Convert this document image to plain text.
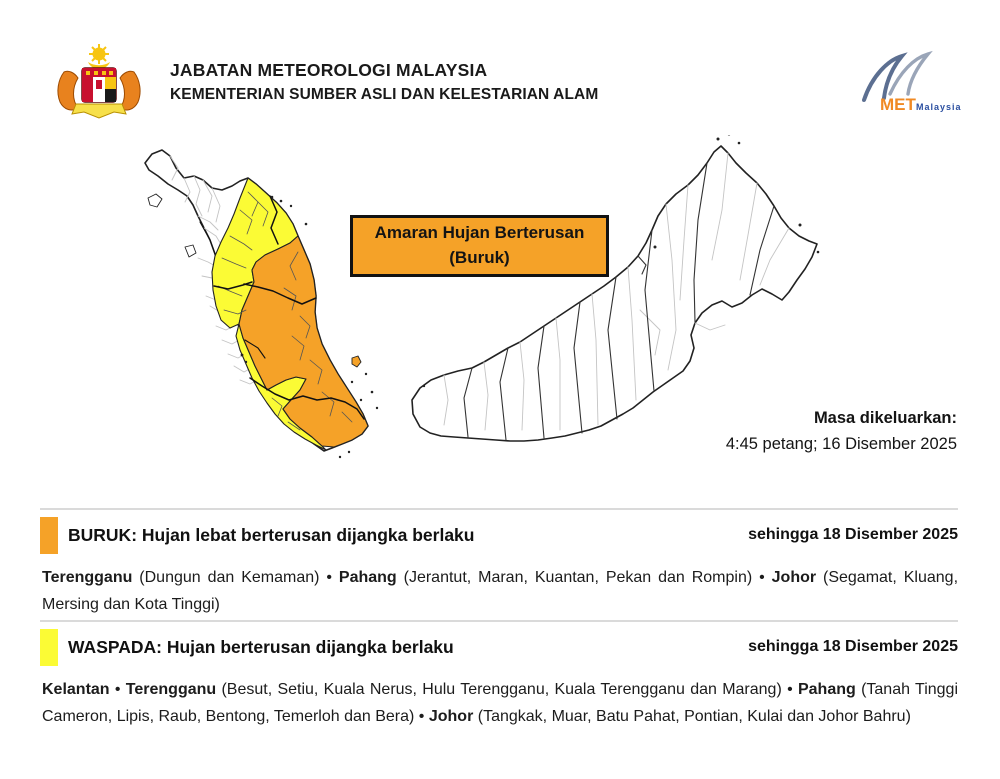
JABATAN METEOROLOGI MALAYSIA
KEMENTERIAN SUMBER ASLI DAN KELESTARIAN ALAM
MET Malaysia
Amaran Hujan Berterusan
(Buruk)
Masa dikeluarkan:
4:45 petang; 16 Disember 2025
BURUK: Hujan lebat berterusan dijangka berlaku	sehingga 18 Disember 2025

Terengganu (Dungun dan Kemaman) • Pahang (Jerantut, Maran, Kuantan, Pekan dan Rompin) • Johor (Segamat, Kluang, Mersing dan Kota Tinggi)

WASPADA: Hujan berterusan dijangka berlaku	sehingga 18 Disember 2025

Kelantan • Terengganu (Besut, Setiu, Kuala Nerus, Hulu Terengganu, Kuala Terengganu dan Marang) • Pahang (Tanah Tinggi Cameron, Lipis, Raub, Bentong, Temerloh dan Bera) • Johor (Tangkak, Muar, Batu Pahat, Pontian, Kulai dan Johor Bahru)
